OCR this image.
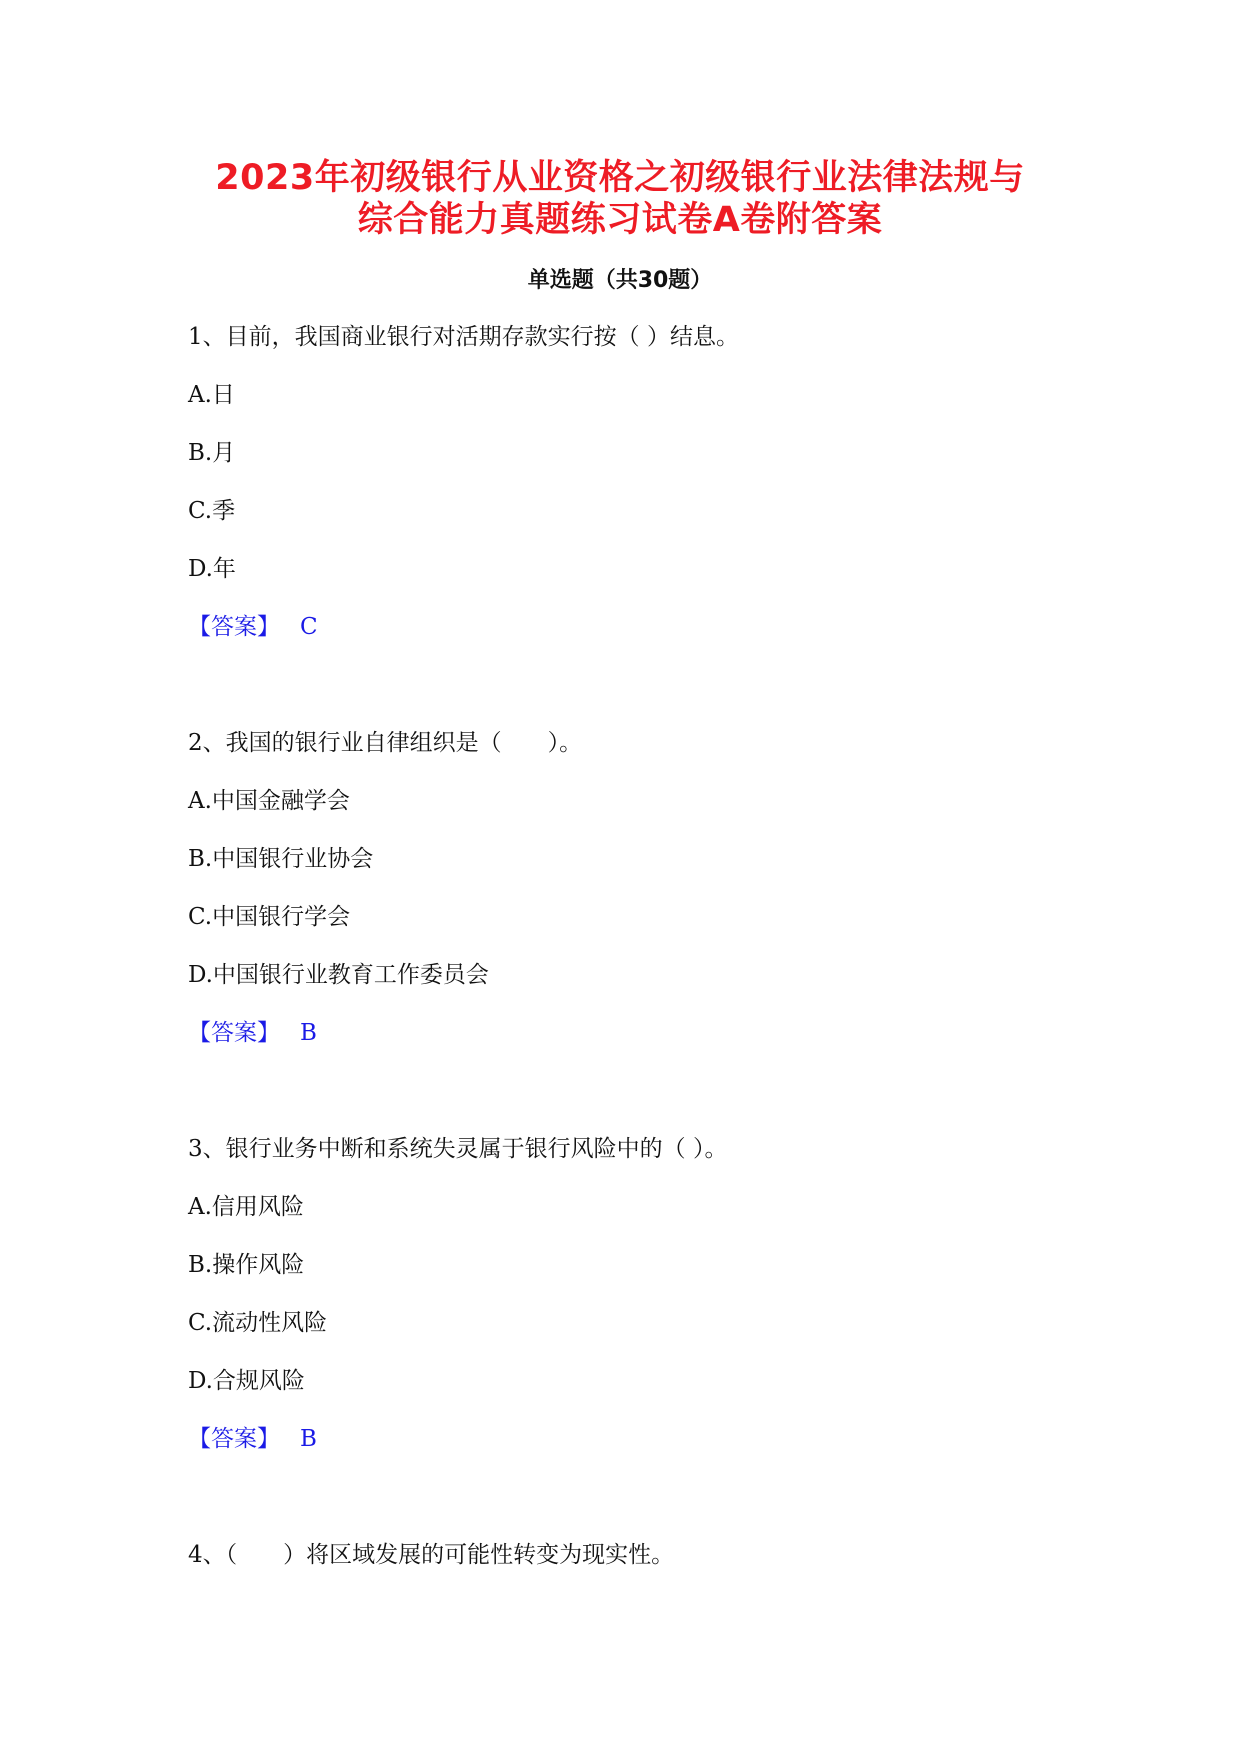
2023年初级银行从业资格之初级银行业法律法规与
综合能力真题练习试卷A卷附答案
单选题（共30题）
1、目前，我国商业银行对活期存款实行按（ ）结息。
A.日
B.月
C.季
D.年
【答案】 C
2、我国的银行业自律组织是（　　）。
A.中国金融学会
B.中国银行业协会
C.中国银行学会
D.中国银行业教育工作委员会
【答案】 B
3、银行业务中断和系统失灵属于银行风险中的（ ）。
A.信用风险
B.操作风险
C.流动性风险
D.合规风险
【答案】 B
4、（　　）将区域发展的可能性转变为现实性。
